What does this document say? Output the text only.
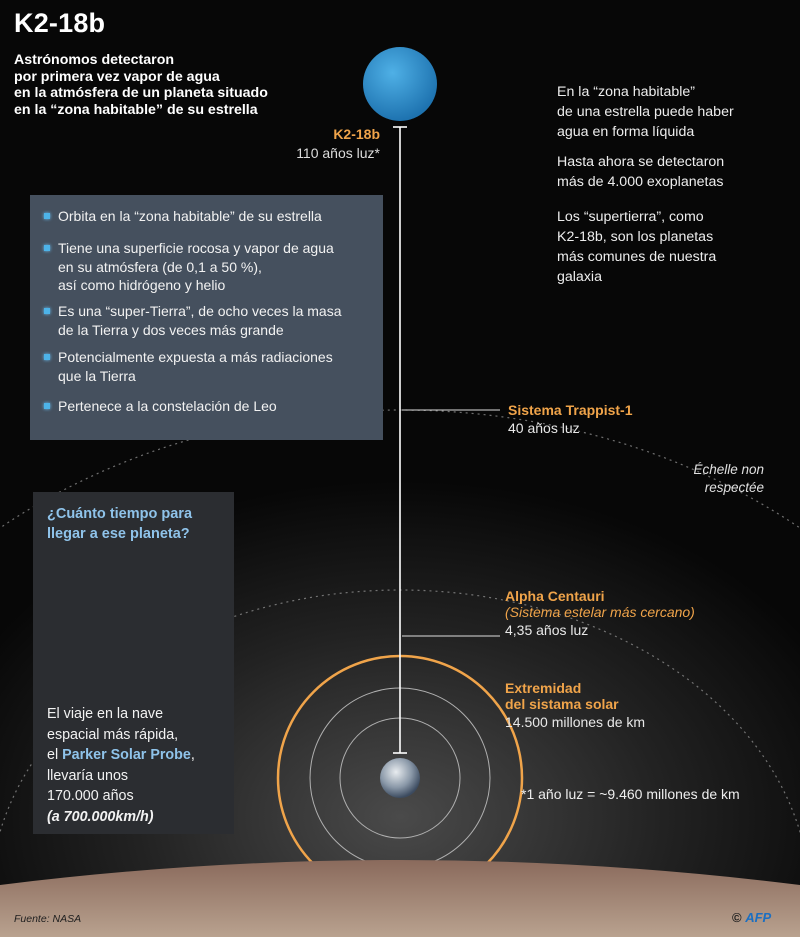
K2-18b
Astrónomos detectaron
por primera vez vapor de agua
en la atmósfera de un planeta situado
en la “zona habitable” de su estrella
K2-18b
110 años luz*
En la “zona habitable”
de una estrella puede haber
agua en forma líquida
Hasta ahora se detectaron
más de 4.000 exoplanetas
Los “supertierra”, como
K2-18b, son los planetas
más comunes de nuestra
galaxia
Orbita en la “zona habitable” de su estrella
Tiene una superficie rocosa y vapor de agua
en su atmósfera (de 0,1 a 50 %),
así como hidrógeno y helio
Es una “super-Tierra”, de ocho veces la masa
de la Tierra y dos veces más grande
Potencialmente expuesta a más radiaciones
que la Tierra
Pertenece a la constelación de Leo	Sistema Trappist-1
40 años luz
Échelle non
respectée
Alpha Centauri
(Sistema estelar más cercano)
4,35 años luz
Extremidad
del sistama solar
14.500 millones de km
¿Cuánto tiempo para
llegar a ese planeta?
El viaje en la nave
espacial más rápida,
el Parker Solar Probe,
llevaría unos
170.000 años
(a 700.000km/h)
*1 año luz = ~9.460 millones de km
Fuente: NASA	© AFP
